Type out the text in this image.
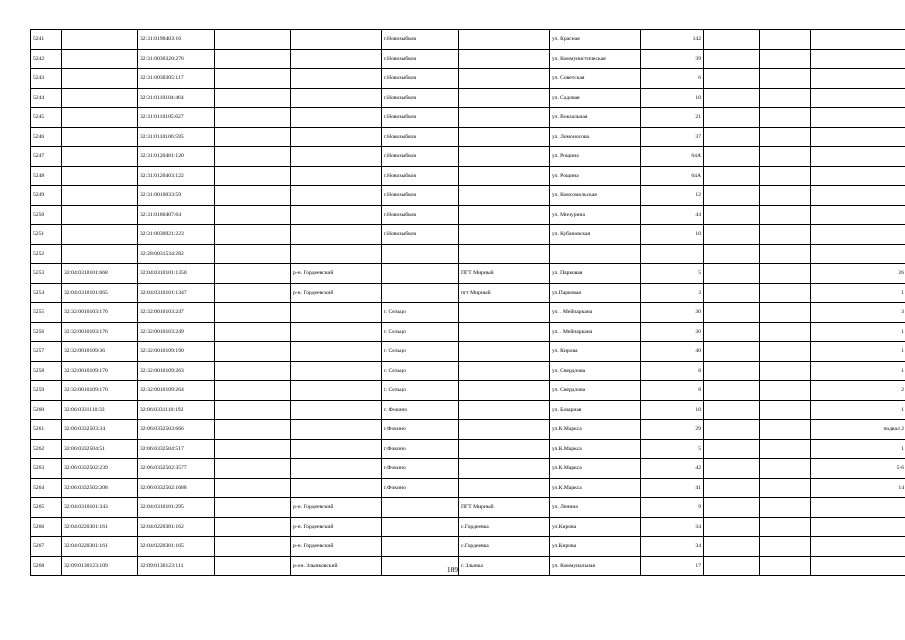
5241		32:31:0190403:16			г.Новозыбков		ул. Красная	142			
5242		32:31:0030320:276			г.Новозыбков		ул. Коммунистическая	39			
5243		32:31:0030305:117			г.Новозыбков		ул. Советская	6			
5244		32:31:0110104:464			г.Новозыбков		ул. Садовая	10			
5245		32:31:0110105:627			г.Новозыбков		ул. Вокзальная	21			
5246		32:31:0110106:595			г.Новозыбков		ул. Ломоносова	37			
5247		32:31:0120401:120			г.Новозыбков		ул. Рощина	64А			
5248		32:31:0120403:122			г.Новозыбков		ул. Рощина	64А			
5249		32:31:0010033:59			г.Новозыбков		ул. Комсомольская	12			
5250		32:31:0180407:64			г.Новозыбков		ул. Мичурина	44			
5251		32:31:0030921:223			г.Новозыбков		ул. Кубановская	10			
5252		32:28:0031534:282									
5253	32:04:0310101:668	32:04:0310101:1350		р-н. Гордеевский		ПГТ Мирный	ул. Парковая	5			26
5254	32:04:0310101:665	32:04:0310101:1347		р-н. Гордеевский		пгт Мирный	ул.Парковая	3			1
5255	32:32:0010103:176	32:32:0010103:247			г. Сельцо		ул. . Мейпаркана	30			3
5256	32:32:0010103:176	32:32:0010103:249			г. Сельцо		ул. . Мейпаркана	30			1
5257	32:32:0010109:36	32:32:0010109:190			г. Сельцо		ул. Кирова	40			1
5258	32:32:0010109:170	32:32:0010109:263			г. Сельцо		ул. Свердлова	8			1
5259	32:32:0010109:170	32:32:0010109:264			г. Сельцо		ул. Свердлова	8			2
5260	32:06:0331110:33	32:06:0331110:192			г. Фокино		ул. Базарная	10			1
5261	32:06:0332503:34	32:06:0332503:666			г.Фокино		ул.К.Маркса	29			подвал 2
5262	32:06:0332504:51	32:06:0332504:517			г.Фокино		ул.К.Маркса	5			1
5263	32:06:0332502:239	32:06:0332502:3577			г.Фокино		ул.К.Маркса	42			5-6
5264	32:06:0332502:208	32:06:0332502:1688			г.Фокино		ул.К.Маркса	41			14
5265	32:04:0310101:343	32:04:0310101:295		р-н. Гордеевский		ПГТ Мирный	ул. Ленина	9			
5266	32:04:0220301:161	32:04:0220301:162		р-н. Гордеевский		с.Гордеевка	ул.Кирова	34			
5267	32:04:0220301:161	32:04:0220301:165		р-н. Гордеевский		с.Гордеевка	ул.Кирова	34			
5268	32:09:0130123:109	32:09:0130123:111		р-он. Злынковский		г. Злынка	ул. Коммунальная	17			
189
